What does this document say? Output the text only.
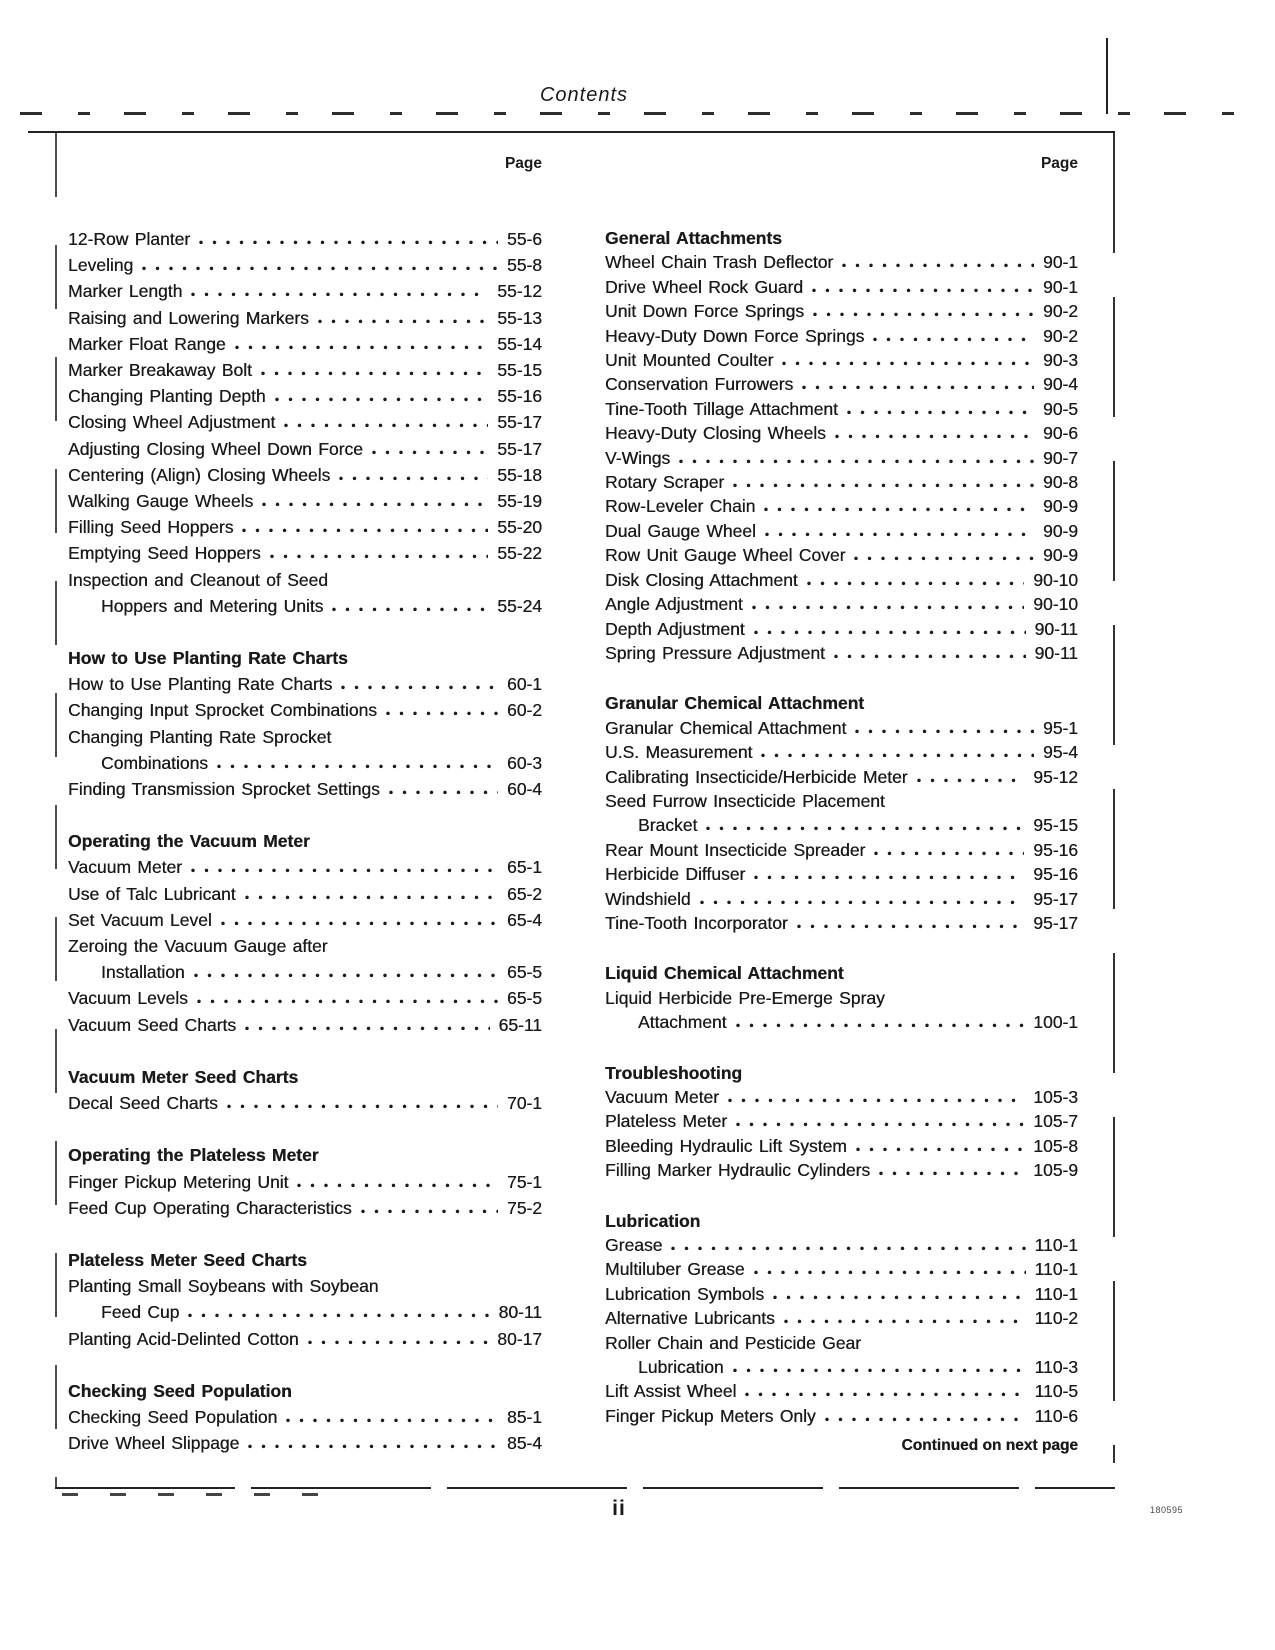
Contents
Page	Page
12-Row Planter	55-6
Leveling	55-8
Marker Length	55-12
Raising and Lowering Markers	55-13
Marker Float Range	55-14
Marker Breakaway Bolt	55-15
Changing Planting Depth	55-16
Closing Wheel Adjustment	55-17
Adjusting Closing Wheel Down Force	55-17
Centering (Align) Closing Wheels	55-18
Walking Gauge Wheels	55-19
Filling Seed Hoppers	55-20
Emptying Seed Hoppers	55-22
Inspection and Cleanout of Seed
Hoppers and Metering Units	55-24
How to Use Planting Rate Charts
How to Use Planting Rate Charts	60-1
Changing Input Sprocket Combinations	60-2
Changing Planting Rate Sprocket
Combinations	60-3
Finding Transmission Sprocket Settings	60-4
Operating the Vacuum Meter
Vacuum Meter	65-1
Use of Talc Lubricant	65-2
Set Vacuum Level	65-4
Zeroing the Vacuum Gauge after
Installation	65-5
Vacuum Levels	65-5
Vacuum Seed Charts	65-11
Vacuum Meter Seed Charts
Decal Seed Charts	70-1
Operating the Plateless Meter
Finger Pickup Metering Unit	75-1
Feed Cup Operating Characteristics	75-2
Plateless Meter Seed Charts
Planting Small Soybeans with Soybean
Feed Cup	80-11
Planting Acid-Delinted Cotton	80-17
Checking Seed Population
Checking Seed Population	85-1
Drive Wheel Slippage	85-4
General Attachments
Wheel Chain Trash Deflector	90-1
Drive Wheel Rock Guard	90-1
Unit Down Force Springs	90-2
Heavy-Duty Down Force Springs	90-2
Unit Mounted Coulter	90-3
Conservation Furrowers	90-4
Tine-Tooth Tillage Attachment	90-5
Heavy-Duty Closing Wheels	90-6
V-Wings	90-7
Rotary Scraper	90-8
Row-Leveler Chain	90-9
Dual Gauge Wheel	90-9
Row Unit Gauge Wheel Cover	90-9
Disk Closing Attachment	90-10
Angle Adjustment	90-10
Depth Adjustment	90-11
Spring Pressure Adjustment	90-11
Granular Chemical Attachment
Granular Chemical Attachment	95-1
U.S. Measurement	95-4
Calibrating Insecticide/Herbicide Meter	95-12
Seed Furrow Insecticide Placement
Bracket	95-15
Rear Mount Insecticide Spreader	95-16
Herbicide Diffuser	95-16
Windshield	95-17
Tine-Tooth Incorporator	95-17
Liquid Chemical Attachment
Liquid Herbicide Pre-Emerge Spray
Attachment	100-1
Troubleshooting
Vacuum Meter	105-3
Plateless Meter	105-7
Bleeding Hydraulic Lift System	105-8
Filling Marker Hydraulic Cylinders	105-9
Lubrication
Grease	110-1
Multiluber Grease	110-1
Lubrication Symbols	110-1
Alternative Lubricants	110-2
Roller Chain and Pesticide Gear
Lubrication	110-3
Lift Assist Wheel	110-5
Finger Pickup Meters Only	110-6
Continued on next page
ii	180595
